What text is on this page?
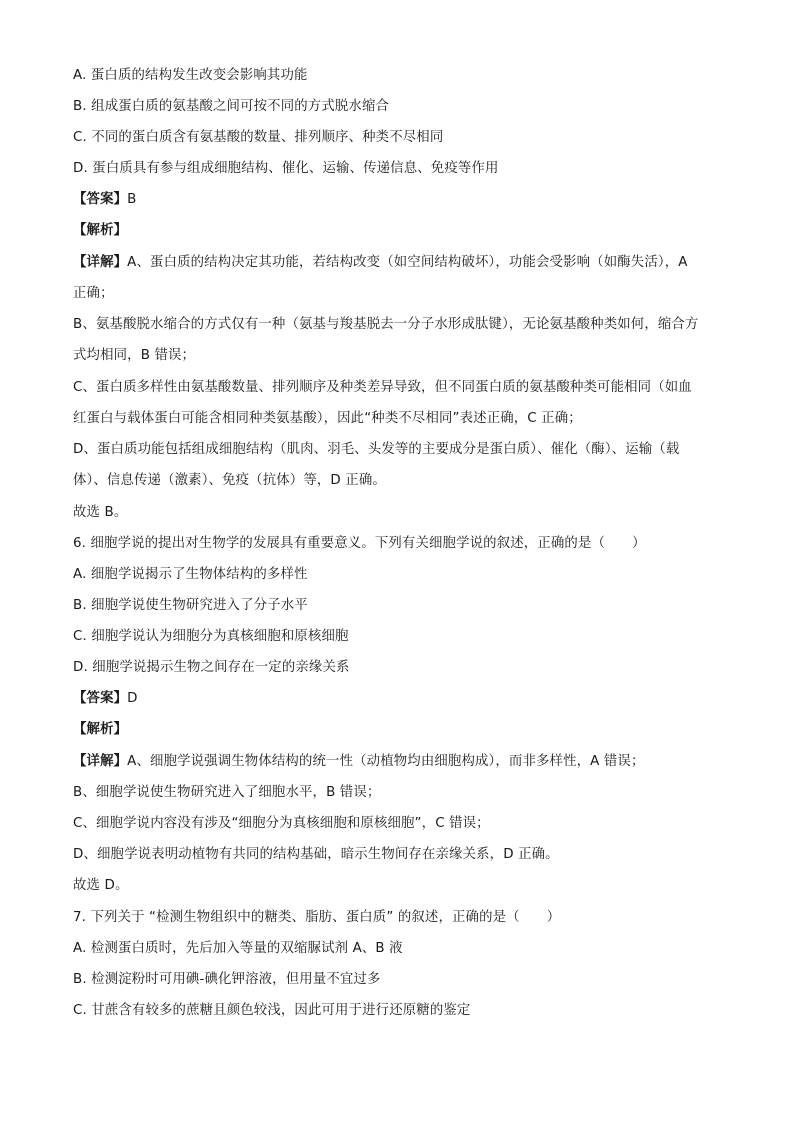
A. 蛋白质的结构发生改变会影响其功能
B. 组成蛋白质的氨基酸之间可按不同的方式脱水缩合
C. 不同的蛋白质含有氨基酸的数量、排列顺序、种类不尽相同
D. 蛋白质具有参与组成细胞结构、催化、运输、传递信息、免疫等作用
【答案】B
【解析】
【详解】A、蛋白质的结构决定其功能，若结构改变（如空间结构破坏），功能会受影响（如酶失活），A
正确；
B、氨基酸脱水缩合的方式仅有一种（氨基与羧基脱去一分子水形成肽键），无论氨基酸种类如何，缩合方
式均相同，B 错误；
C、蛋白质多样性由氨基酸数量、排列顺序及种类差异导致，但不同蛋白质的氨基酸种类可能相同（如血
红蛋白与载体蛋白可能含相同种类氨基酸），因此“种类不尽相同”表述正确，C 正确；
D、蛋白质功能包括组成细胞结构（肌肉、羽毛、头发等的主要成分是蛋白质）、催化（酶）、运输（载
体）、信息传递（激素）、免疫（抗体）等，D 正确。
故选 B。
6. 细胞学说的提出对生物学的发展具有重要意义。下列有关细胞学说的叙述，正确的是（　　）
A. 细胞学说揭示了生物体结构的多样性
B. 细胞学说使生物研究进入了分子水平
C. 细胞学说认为细胞分为真核细胞和原核细胞
D. 细胞学说揭示生物之间存在一定的亲缘关系
【答案】D
【解析】
【详解】A、细胞学说强调生物体结构的统一性（动植物均由细胞构成），而非多样性，A 错误；
B、细胞学说使生物研究进入了细胞水平，B 错误；
C、细胞学说内容没有涉及“细胞分为真核细胞和原核细胞”，C 错误；
D、细胞学说表明动植物有共同的结构基础，暗示生物间存在亲缘关系，D 正确。
故选 D。
7. 下列关于 “检测生物组织中的糖类、脂肪、蛋白质” 的叙述，正确的是（　　）
A. 检测蛋白质时，先后加入等量的双缩脲试剂 A、B 液
B. 检测淀粉时可用碘-碘化钾溶液，但用量不宜过多
C. 甘蔗含有较多的蔗糖且颜色较浅，因此可用于进行还原糖的鉴定
